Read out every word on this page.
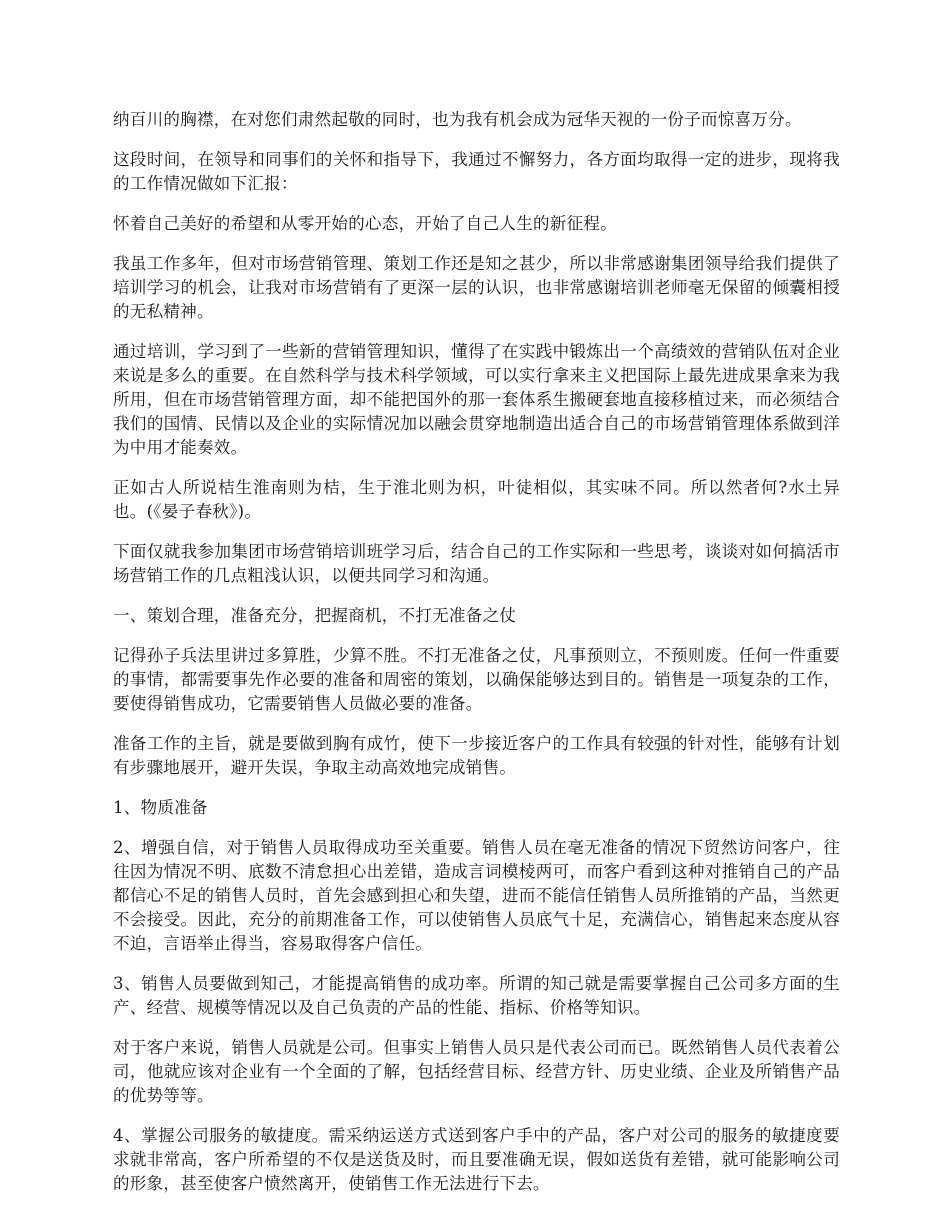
纳百川的胸襟，在对您们肃然起敬的同时，也为我有机会成为冠华天视的一份子而惊喜万分。

这段时间，在领导和同事们的关怀和指导下，我通过不懈努力，各方面均取得一定的进步，现将我的工作情况做如下汇报：

怀着自己美好的希望和从零开始的心态，开始了自己人生的新征程。

我虽工作多年，但对市场营销管理、策划工作还是知之甚少，所以非常感谢集团领导给我们提供了培训学习的机会，让我对市场营销有了更深一层的认识，也非常感谢培训老师毫无保留的倾囊相授的无私精神。

通过培训，学习到了一些新的营销管理知识，懂得了在实践中锻炼出一个高绩效的营销队伍对企业来说是多么的重要。在自然科学与技术科学领域，可以实行拿来主义把国际上最先进成果拿来为我所用，但在市场营销管理方面，却不能把国外的那一套体系生搬硬套地直接移植过来，而必须结合我们的国情、民情以及企业的实际情况加以融会贯穿地制造出适合自己的市场营销管理体系做到洋为中用才能奏效。

正如古人所说桔生淮南则为桔，生于淮北则为枳，叶徒相似，其实味不同。所以然者何?水土异也。(《晏子春秋》)。

下面仅就我参加集团市场营销培训班学习后，结合自己的工作实际和一些思考，谈谈对如何搞活市场营销工作的几点粗浅认识，以便共同学习和沟通。

一、策划合理，准备充分，把握商机，不打无准备之仗

记得孙子兵法里讲过多算胜，少算不胜。不打无准备之仗，凡事预则立，不预则废。任何一件重要的事情，都需要事先作必要的准备和周密的策划，以确保能够达到目的。销售是一项复杂的工作，要使得销售成功，它需要销售人员做必要的准备。

准备工作的主旨，就是要做到胸有成竹，使下一步接近客户的工作具有较强的针对性，能够有计划有步骤地展开，避开失误，争取主动高效地完成销售。

1、物质准备

2、增强自信，对于销售人员取得成功至关重要。销售人员在毫无准备的情况下贸然访问客户，往往因为情况不明、底数不清怠担心出差错，造成言词模棱两可，而客户看到这种对推销自己的产品都信心不足的销售人员时，首先会感到担心和失望，进而不能信任销售人员所推销的产品，当然更不会接受。因此，充分的前期准备工作，可以使销售人员底气十足，充满信心，销售起来态度从容不迫，言语举止得当，容易取得客户信任。

3、销售人员要做到知己，才能提高销售的成功率。所谓的知己就是需要掌握自己公司多方面的生产、经营、规模等情况以及自己负责的产品的性能、指标、价格等知识。

对于客户来说，销售人员就是公司。但事实上销售人员只是代表公司而已。既然销售人员代表着公司，他就应该对企业有一个全面的了解，包括经营目标、经营方针、历史业绩、企业及所销售产品的优势等等。

4、掌握公司服务的敏捷度。需采纳运送方式送到客户手中的产品，客户对公司的服务的敏捷度要求就非常高，客户所希望的不仅是送货及时，而且要准确无误，假如送货有差错，就可能影响公司的形象，甚至使客户愤然离开，使销售工作无法进行下去。
